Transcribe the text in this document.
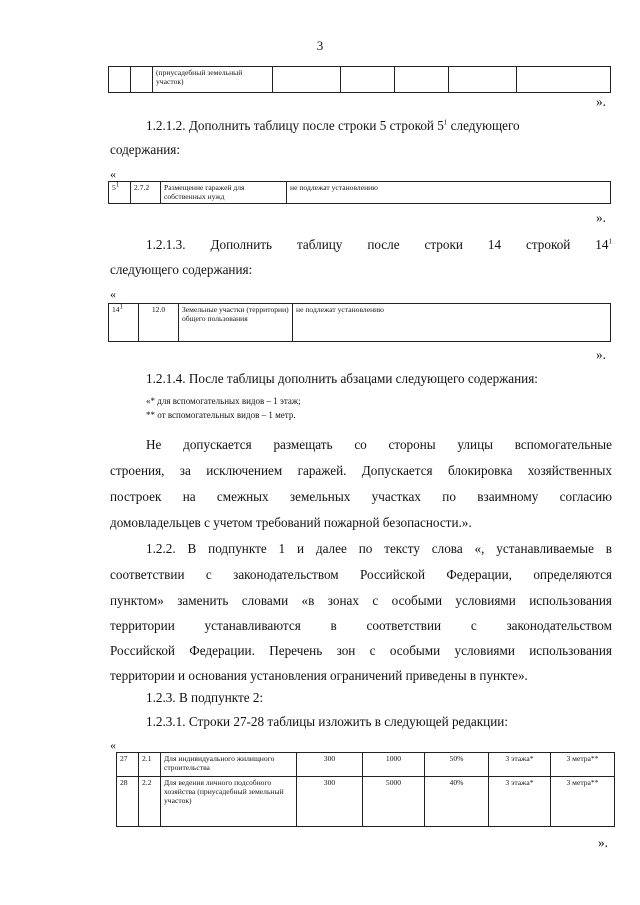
3
		(приусадебный земельный участок)					
».
1.2.1.2. Дополнить таблицу после строки 5 строкой $5^1$ следующего
содержания:
«
$5^1$	2.7.2	Размещение гаражей для собственных нужд	не подлежат установлению
».
1.2.1.3. Дополнить таблицу после строки 14 строкой $14^1$
следующего содержания:
«
$14^1$	12.0	Земельные участки (территории) общего пользования	не подлежат установлению
».
1.2.1.4. После таблицы дополнить абзацами следующего содержания:
«* для вспомогательных видов – 1 этаж;
** от вспомогательных видов – 1 метр.
Не допускается размещать со стороны улицы вспомогательные
строения, за исключением гаражей. Допускается блокировка хозяйственных
построек на смежных земельных участках по взаимному согласию
домовладельцев с учетом требований пожарной безопасности.».
1.2.2. В подпункте 1 и далее по тексту слова «, устанавливаемые в
соответствии с законодательством Российской Федерации, определяются
пунктом» заменить словами «в зонах с особыми условиями использования
территории устанавливаются в соответствии с законодательством
Российской Федерации. Перечень зон с особыми условиями использования
территории и основания установления ограничений приведены в пункте».
1.2.3. В подпункте 2:
1.2.3.1. Строки 27-28 таблицы изложить в следующей редакции:
«
27	2.1	Для индивидуального жилищного строительства	300	1000	50%	3 этажа*	3 метра**
28	2.2	Для ведения личного подсобного хозяйства (приусадебный земельный участок)	300	5000	40%	3 этажа*	3 метра**
».
